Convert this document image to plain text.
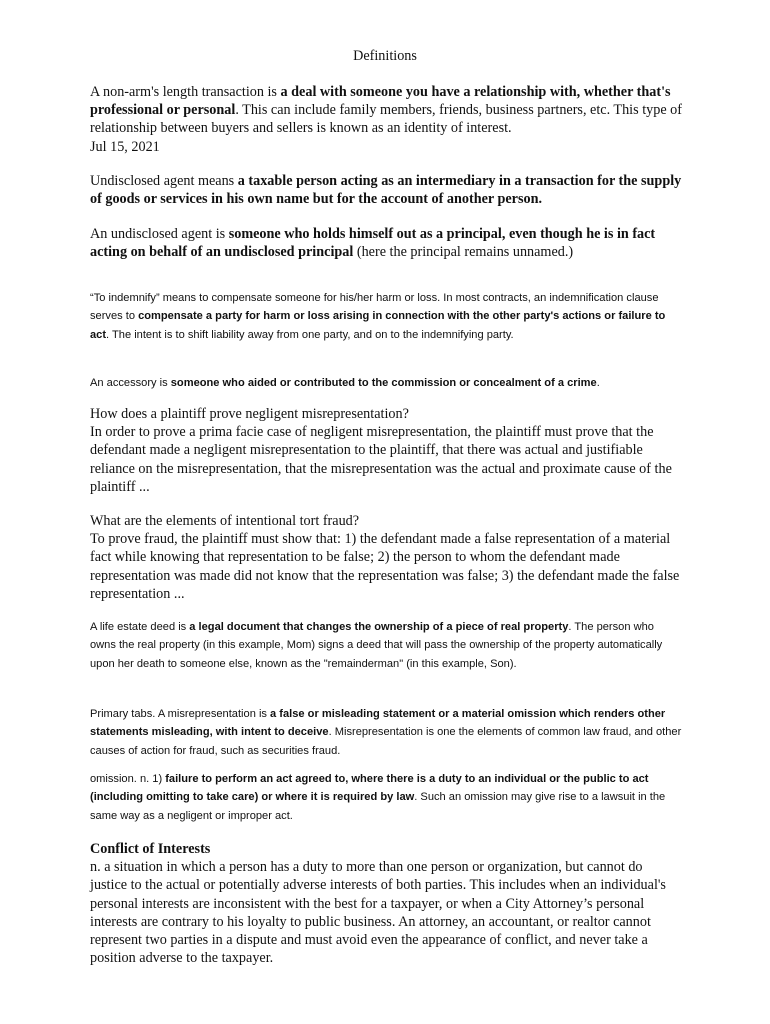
Definitions

A non-arm's length transaction is a deal with someone you have a relationship with, whether that's professional or personal. This can include family members, friends, business partners, etc. This type of relationship between buyers and sellers is known as an identity of interest.
Jul 15, 2021

Undisclosed agent means a taxable person acting as an intermediary in a transaction for the supply of goods or services in his own name but for the account of another person.

An undisclosed agent is someone who holds himself out as a principal, even though he is in fact acting on behalf of an undisclosed principal (here the principal remains unnamed.)

“To indemnify” means to compensate someone for his/her harm or loss. In most contracts, an indemnification clause serves to compensate a party for harm or loss arising in connection with the other party's actions or failure to act. The intent is to shift liability away from one party, and on to the indemnifying party.

An accessory is someone who aided or contributed to the commission or concealment of a crime.

How does a plaintiff prove negligent misrepresentation?
In order to prove a prima facie case of negligent misrepresentation, the plaintiff must prove that the defendant made a negligent misrepresentation to the plaintiff, that there was actual and justifiable reliance on the misrepresentation, that the misrepresentation was the actual and proximate cause of the plaintiff ...

What are the elements of intentional tort fraud?
To prove fraud, the plaintiff must show that: 1) the defendant made a false representation of a material fact while knowing that representation to be false; 2) the person to whom the defendant made representation was made did not know that the representation was false; 3) the defendant made the false representation ...

A life estate deed is a legal document that changes the ownership of a piece of real property. The person who owns the real property (in this example, Mom) signs a deed that will pass the ownership of the property automatically upon her death to someone else, known as the "remainderman" (in this example, Son).

Primary tabs. A misrepresentation is a false or misleading statement or a material omission which renders other statements misleading, with intent to deceive. Misrepresentation is one the elements of common law fraud, and other causes of action for fraud, such as securities fraud.

omission. n. 1) failure to perform an act agreed to, where there is a duty to an individual or the public to act (including omitting to take care) or where it is required by law. Such an omission may give rise to a lawsuit in the same way as a negligent or improper act.

Conflict of Interests
n. a situation in which a person has a duty to more than one person or organization, but cannot do justice to the actual or potentially adverse interests of both parties. This includes when an individual's personal interests are inconsistent with the best for a taxpayer, or when a City Attorney’s personal interests are contrary to his loyalty to public business. An attorney, an accountant, or realtor cannot represent two parties in a dispute and must avoid even the appearance of conflict, and never take a position adverse to the taxpayer.
